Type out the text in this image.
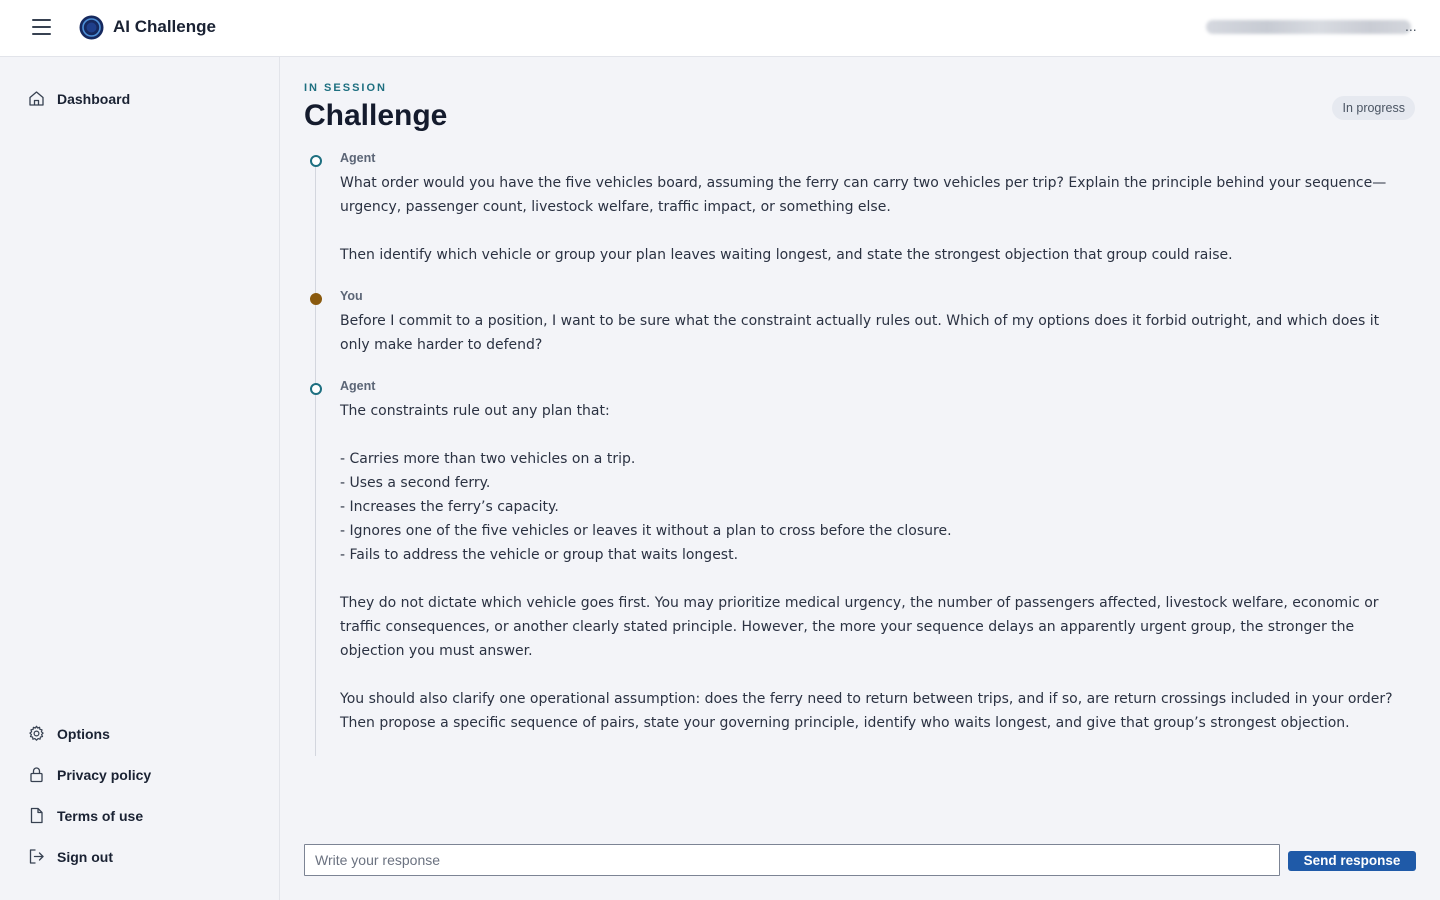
AI Challenge	...
Dashboard
Options
Privacy policy
Terms of use
Sign out
IN SESSION
Challenge	In progress
Agent
What order would you have the five vehicles board, assuming the ferry can carry two vehicles per trip? Explain the principle behind your sequence—urgency, passenger count, livestock welfare, traffic impact, or something else.

Then identify which vehicle or group your plan leaves waiting longest, and state the strongest objection that group could raise.
You
Before I commit to a position, I want to be sure what the constraint actually rules out. Which of my options does it forbid outright, and which does it only make harder to defend?
Agent
The constraints rule out any plan that:

- Carries more than two vehicles on a trip.
- Uses a second ferry.
- Increases the ferry’s capacity.
- Ignores one of the five vehicles or leaves it without a plan to cross before the closure.
- Fails to address the vehicle or group that waits longest.

They do not dictate which vehicle goes first. You may prioritize medical urgency, the number of passengers affected, livestock welfare, economic or traffic consequences, or another clearly stated principle. However, the more your sequence delays an apparently urgent group, the stronger the objection you must answer.

You should also clarify one operational assumption: does the ferry need to return between trips, and if so, are return crossings included in your order? Then propose a specific sequence of pairs, state your governing principle, identify who waits longest, and give that group’s strongest objection.
Write your response
Send response
